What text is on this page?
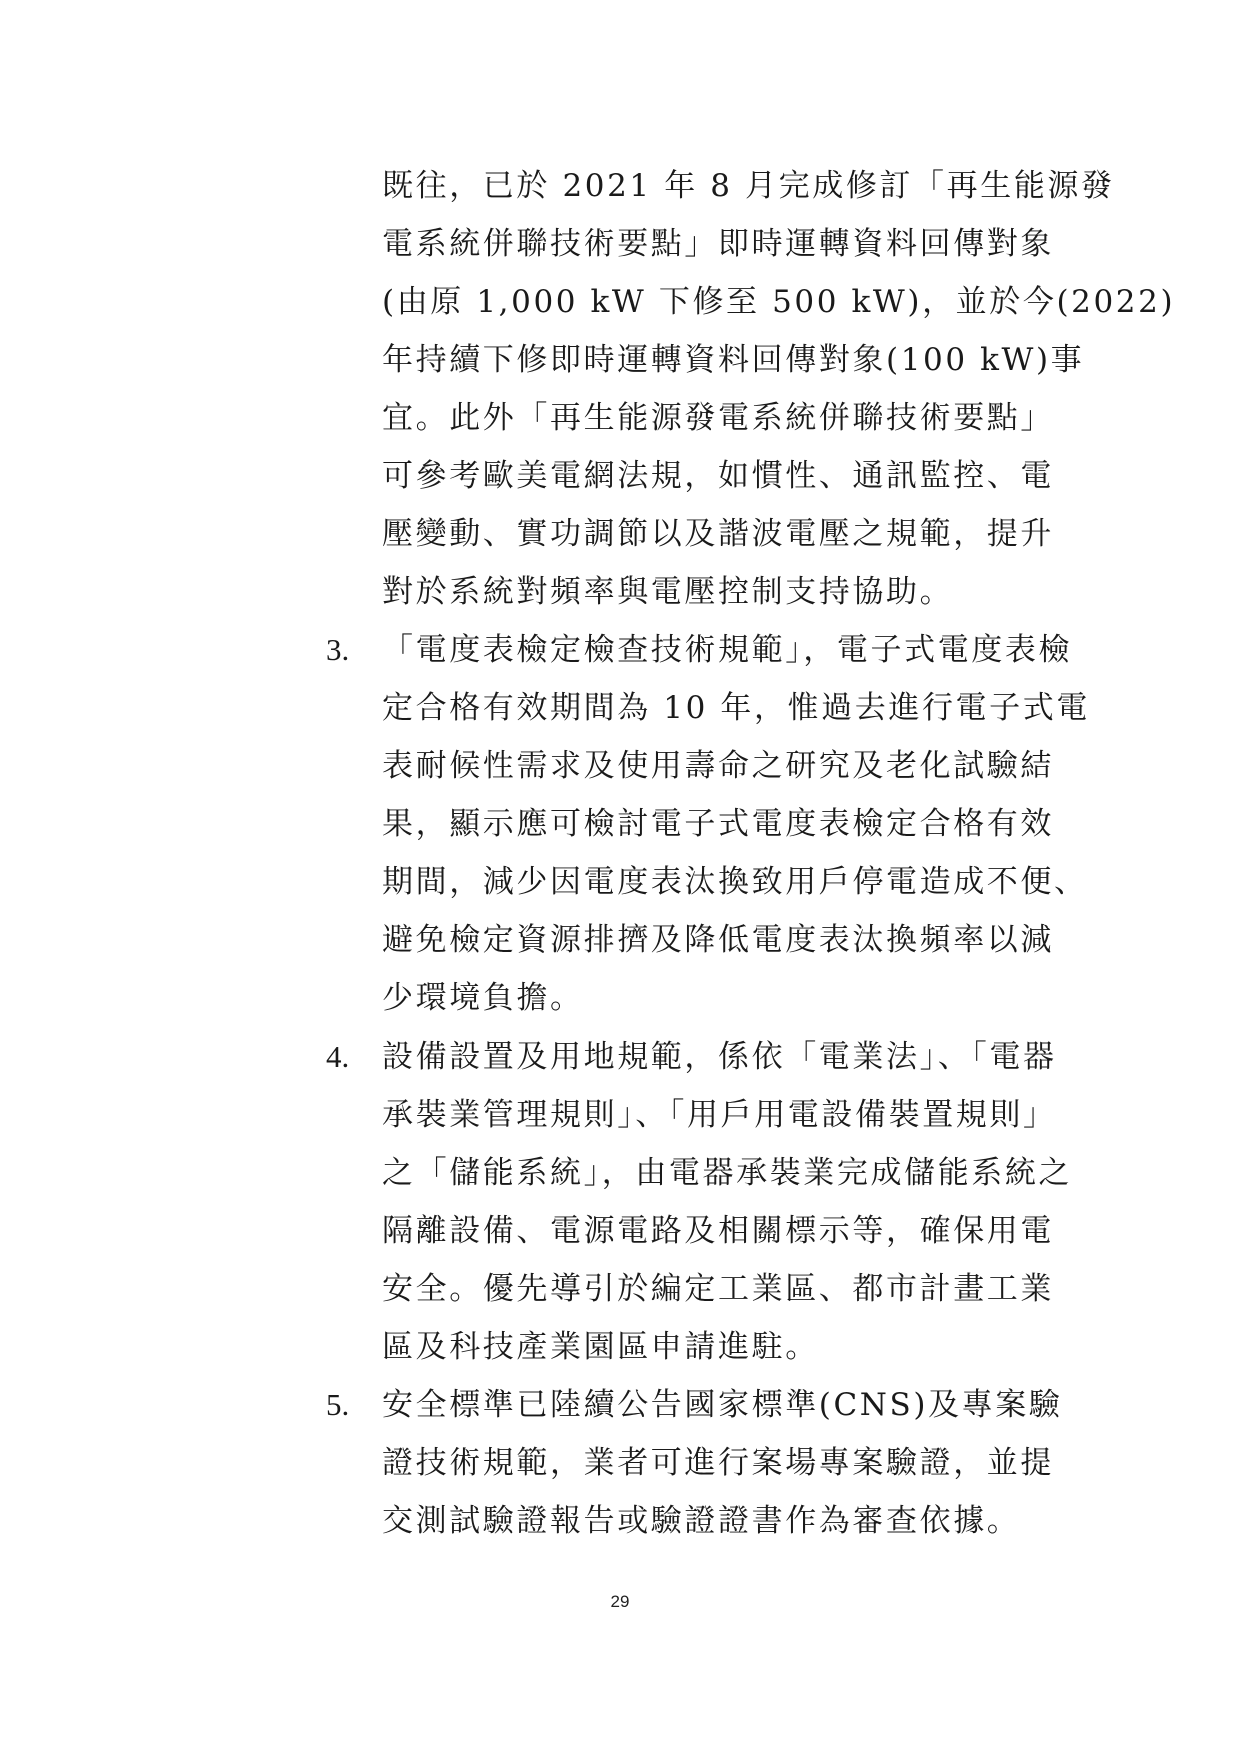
既往，已於 2021 年 8 月完成修訂「再生能源發
電系統併聯技術要點」即時運轉資料回傳對象
(由原 1,000 kW 下修至 500 kW)，並於今(2022)
年持續下修即時運轉資料回傳對象(100 kW)事
宜。此外「再生能源發電系統併聯技術要點」
可參考歐美電網法規，如慣性、通訊監控、電
壓變動、實功調節以及諧波電壓之規範，提升
對於系統對頻率與電壓控制支持協助。
3. 「電度表檢定檢查技術規範」，電子式電度表檢
定合格有效期間為 10 年，惟過去進行電子式電
表耐候性需求及使用壽命之研究及老化試驗結
果，顯示應可檢討電子式電度表檢定合格有效
期間，減少因電度表汰換致用戶停電造成不便、
避免檢定資源排擠及降低電度表汰換頻率以減
少環境負擔。
4. 設備設置及用地規範，係依「電業法」、「電器
承裝業管理規則」、「用戶用電設備裝置規則」
之「儲能系統」，由電器承裝業完成儲能系統之
隔離設備、電源電路及相關標示等，確保用電
安全。優先導引於編定工業區、都市計畫工業
區及科技產業園區申請進駐。
5. 安全標準已陸續公告國家標準(CNS)及專案驗
證技術規範，業者可進行案場專案驗證，並提
交測試驗證報告或驗證證書作為審查依據。
29
